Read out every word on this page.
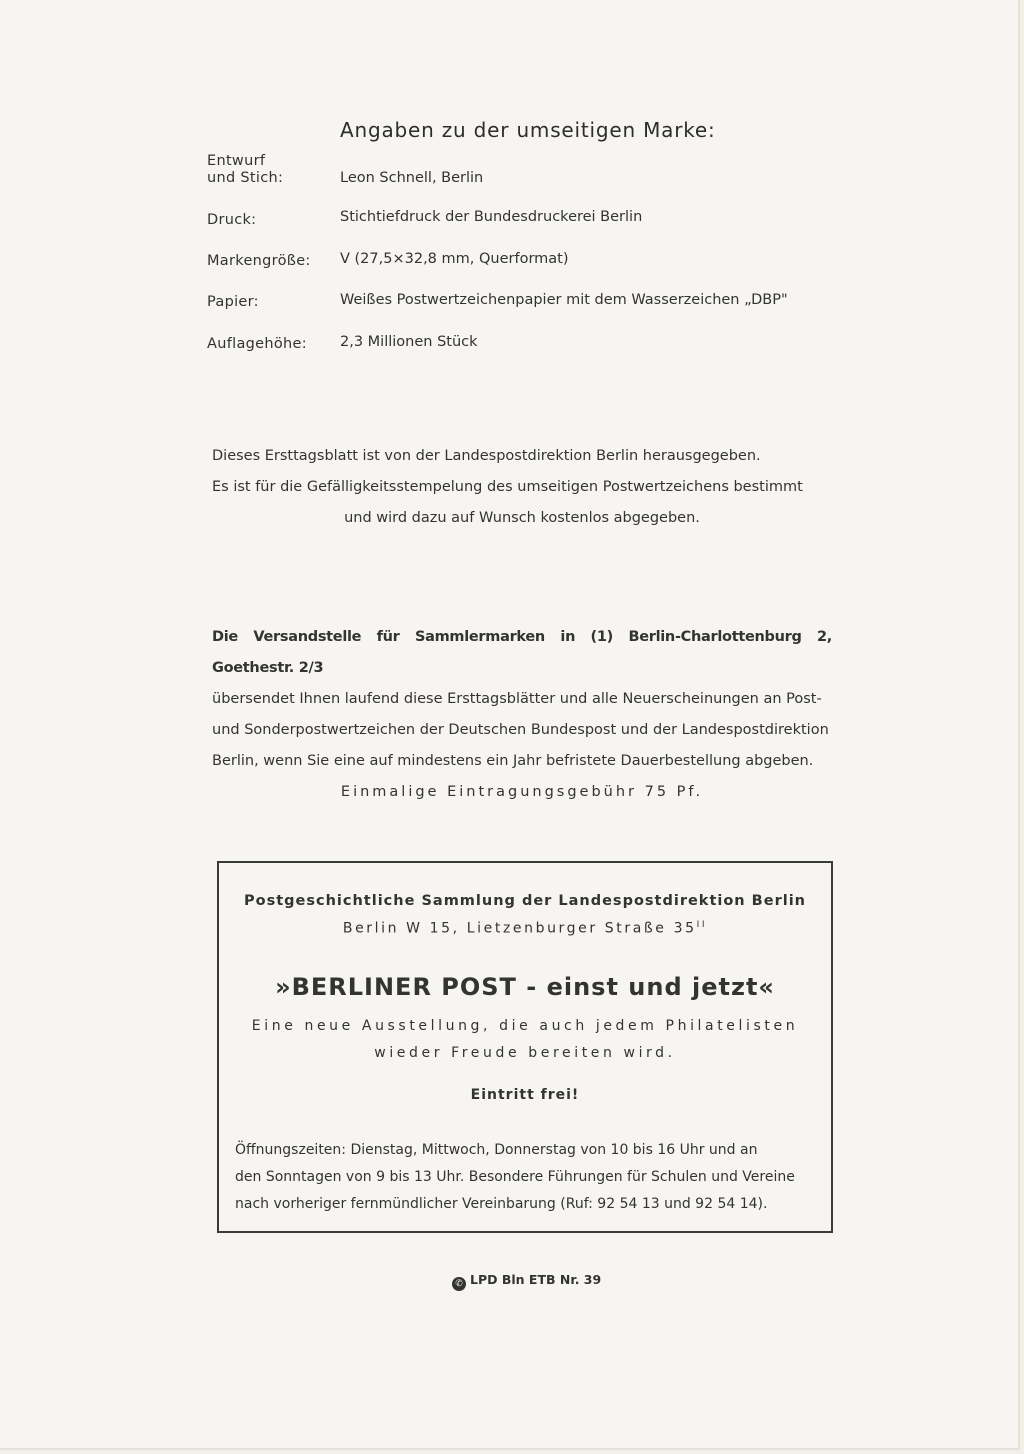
Angaben zu der umseitigen Marke:
Entwurf
und Stich:	Leon Schnell, Berlin
Druck:	Stichtiefdruck der Bundesdruckerei Berlin
Markengröße: V (27,5×32,8 mm, Querformat)
Papier:	Weißes Postwertzeichenpapier mit dem Wasserzeichen „DBP"
Auflagehöhe: 2,3 Millionen Stück

Dieses Ersttagsblatt ist von der Landespostdirektion Berlin herausgegeben.

Es ist für die Gefälligkeitsstempelung des umseitigen Postwertzeichens bestimmt

und wird dazu auf Wunsch kostenlos abgegeben.

Die Versandstelle für Sammlermarken in (1) Berlin-Charlottenburg 2, Goethestr. 2/3

übersendet Ihnen laufend diese Ersttagsblätter und alle Neuerscheinungen an Post-

und Sonderpostwertzeichen der Deutschen Bundespost und der Landespostdirektion

Berlin, wenn Sie eine auf mindestens ein Jahr befristete Dauerbestellung abgeben.

Einmalige Eintragungsgebühr 75 Pf.

Postgeschichtliche Sammlung der Landespostdirektion Berlin
Berlin W 15, Lietzenburger Straße $35^{II}$
»BERLINER POST - einst und jetzt«
Eine neue Ausstellung, die auch jedem Philatelisten
wieder Freude bereiten wird.
Eintritt frei!

Öffnungszeiten: Dienstag, Mittwoch, Donnerstag von 10 bis 16 Uhr und an

den Sonntagen von 9 bis 13 Uhr. Besondere Führungen für Schulen und Vereine

nach vorheriger fernmündlicher Vereinbarung (Ruf: 92 54 13 und 92 54 14).

✆ LPD Bln ETB Nr. 39
